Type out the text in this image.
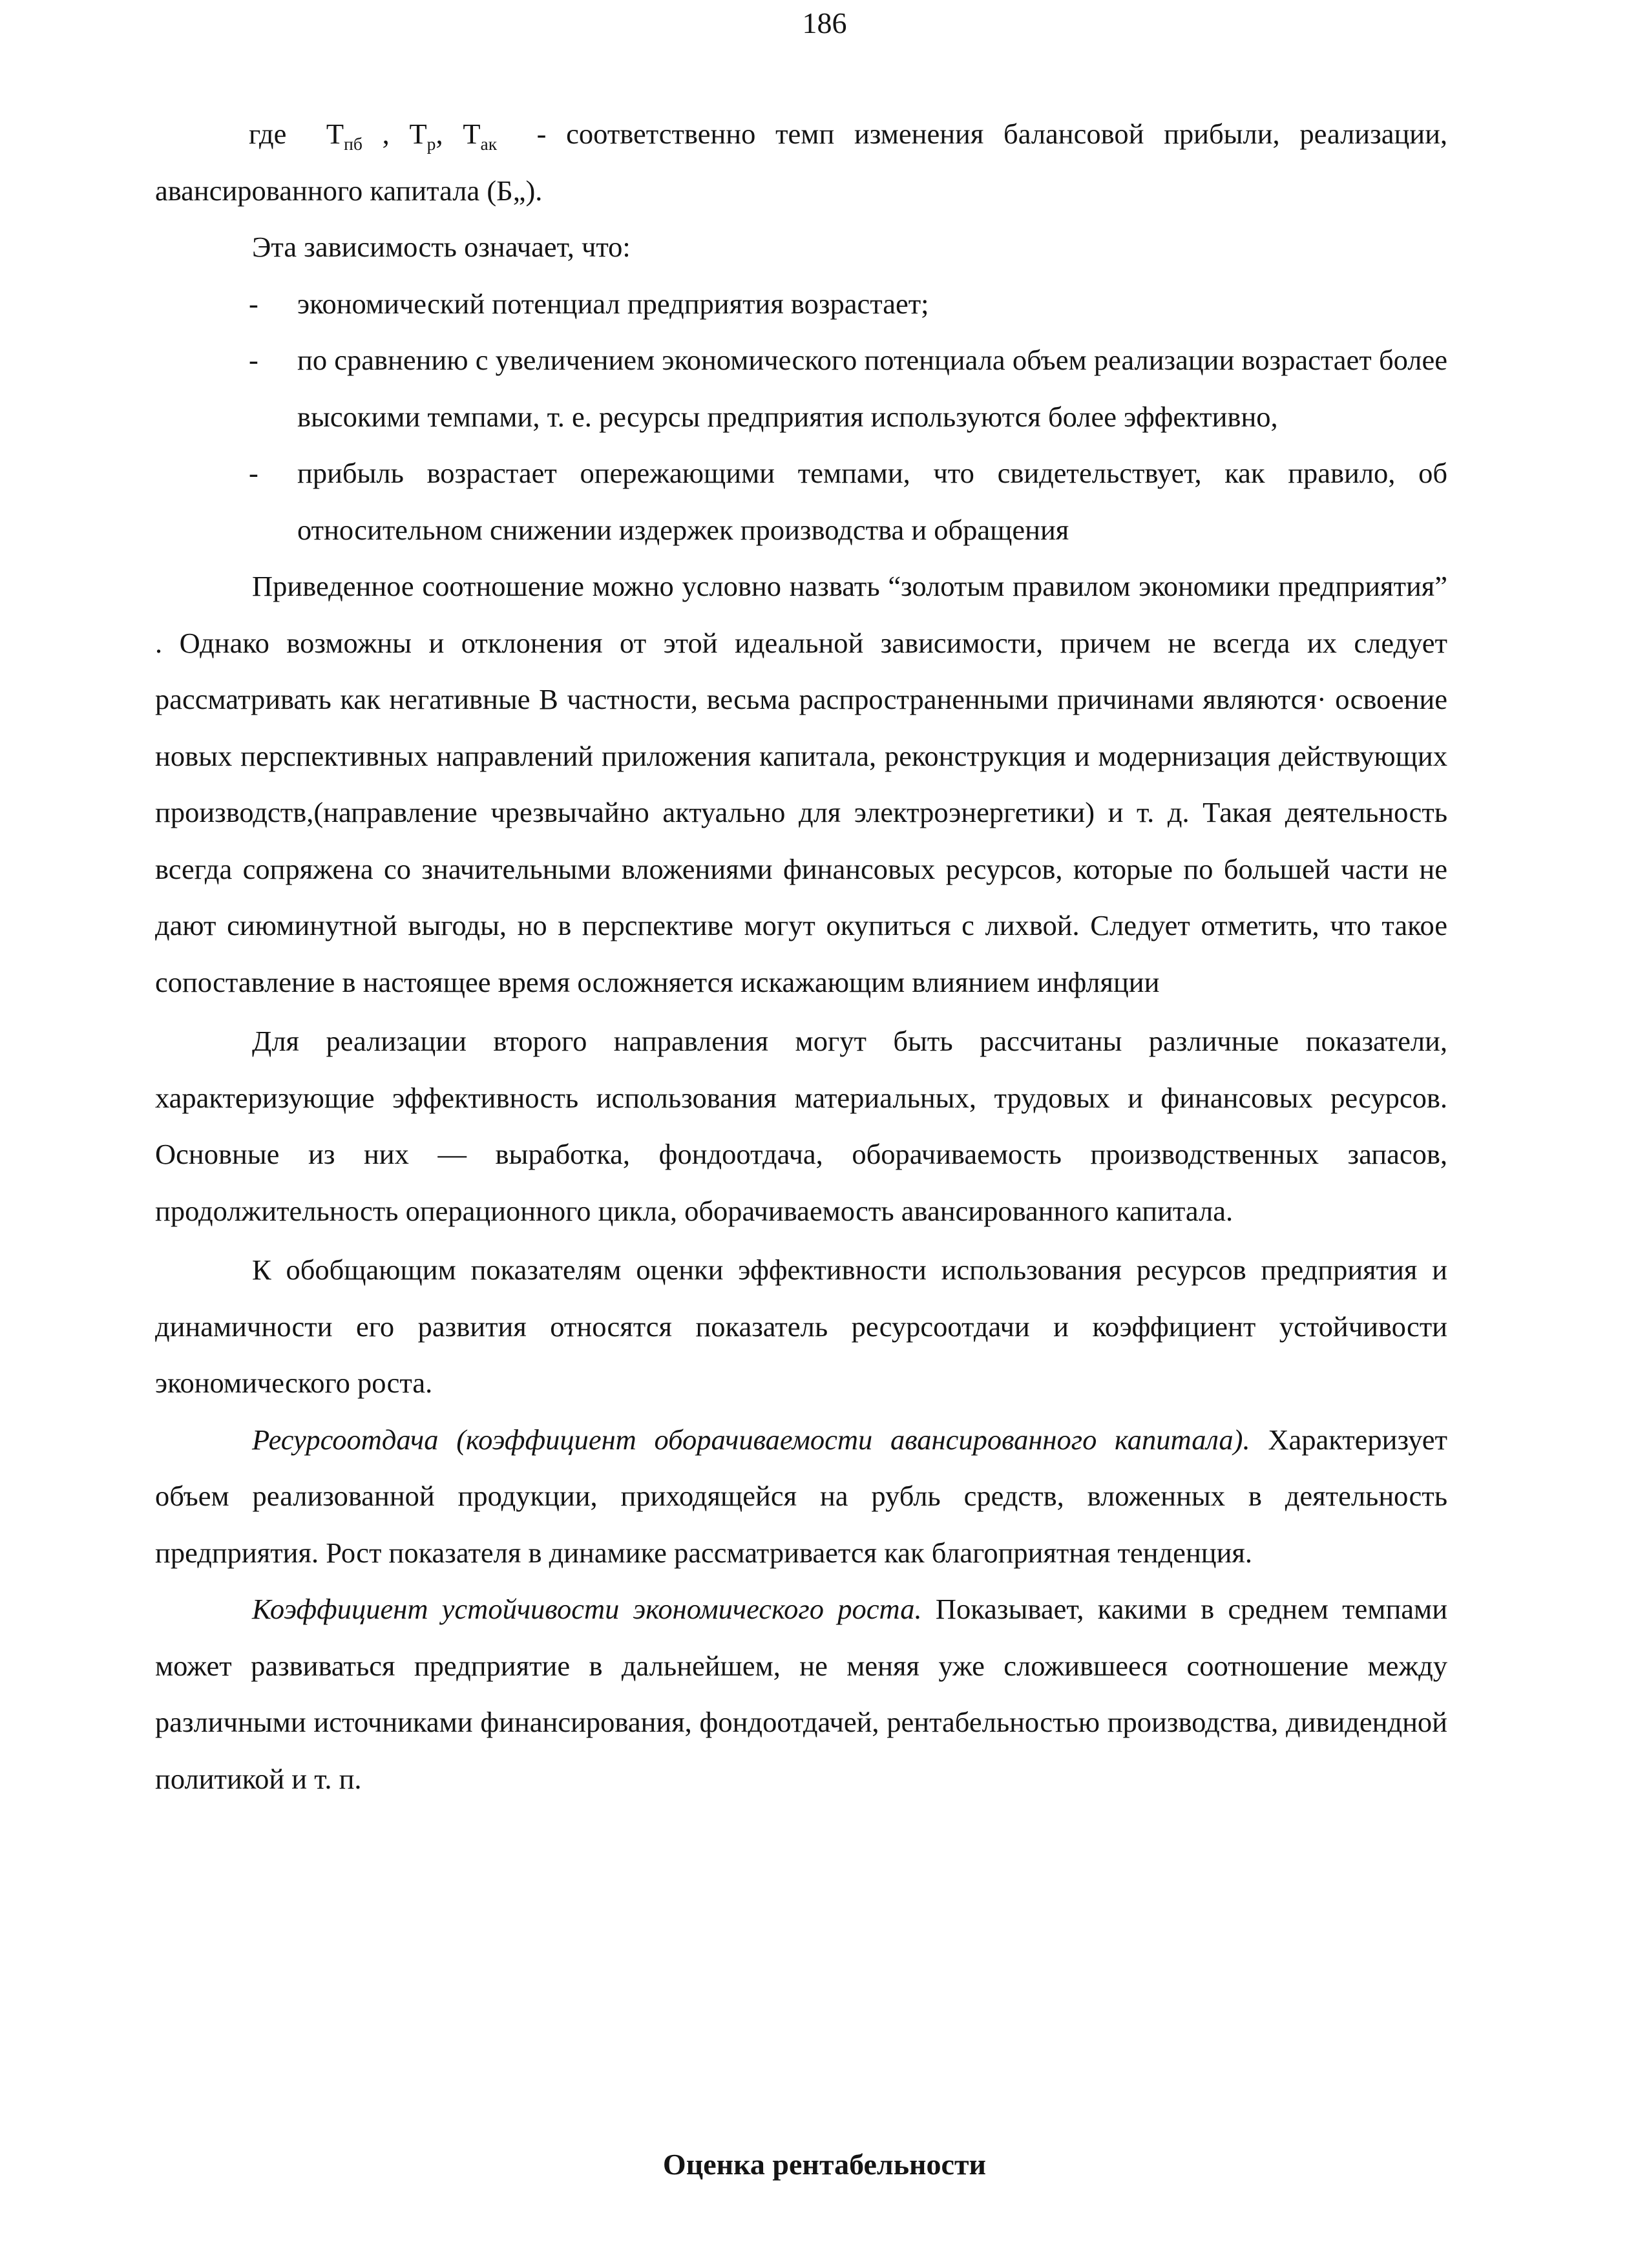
186

где $Т_{пб}$ , $Т_р$, $Т_{ак}$ - соответственно темп изменения балансовой прибыли, реализации, авансированного капитала (Б„).

Эта зависимость означает, что:

- экономический потенциал предприятия возрастает;
- по сравнению с увеличением экономического потенциала объем реализации возрастает более высокими темпами, т. е. ресурсы предприятия используются более эффективно,
- прибыль возрастает опережающими темпами, что свидетельствует, как правило, об относительном снижении издержек производства и обращения

Приведенное соотношение можно условно назвать “золотым правилом экономики предприятия” . Однако возможны и отклонения от этой идеальной зависимости, причем не всегда их следует рассматривать как негативные В частности, весьма распространенными причинами являются· освоение новых перспективных направлений приложения капитала, реконструкция и модернизация действующих производств,(направление чрезвычайно актуально для электроэнергетики) и т. д. Такая деятельность всегда сопряжена со значительными вложениями финансовых ресурсов, которые по большей части не дают сиюминутной выгоды, но в перспективе могут окупиться с лихвой. Следует отметить, что такое сопоставление в настоящее время осложняется искажающим влиянием инфляции

Для реализации второго направления могут быть рассчитаны различные показатели, характеризующие эффективность использования материальных, трудовых и финансовых ресурсов. Основные из них — выработка, фондоотдача, оборачиваемость производственных запасов, продолжительность операционного цикла, оборачиваемость авансированного капитала.

К обобщающим показателям оценки эффективности использования ресурсов предприятия и динамичности его развития относятся показатель ресурсоотдачи и коэффициент устойчивости экономического роста.

Ресурсоотдача (коэффициент оборачиваемости авансированного капитала). Характеризует объем реализованной продукции, приходящейся на рубль средств, вложенных в деятельность предприятия. Рост показателя в динамике рассматривается как благоприятная тенденция.

Коэффициент устойчивости экономического роста. Показывает, какими в среднем темпами может развиваться предприятие в дальнейшем, не меняя уже сложившееся соотношение между различными источниками финансирования, фондоотдачей, рентабельностью производства, дивидендной политикой и т. п.

Оценка рентабельности
